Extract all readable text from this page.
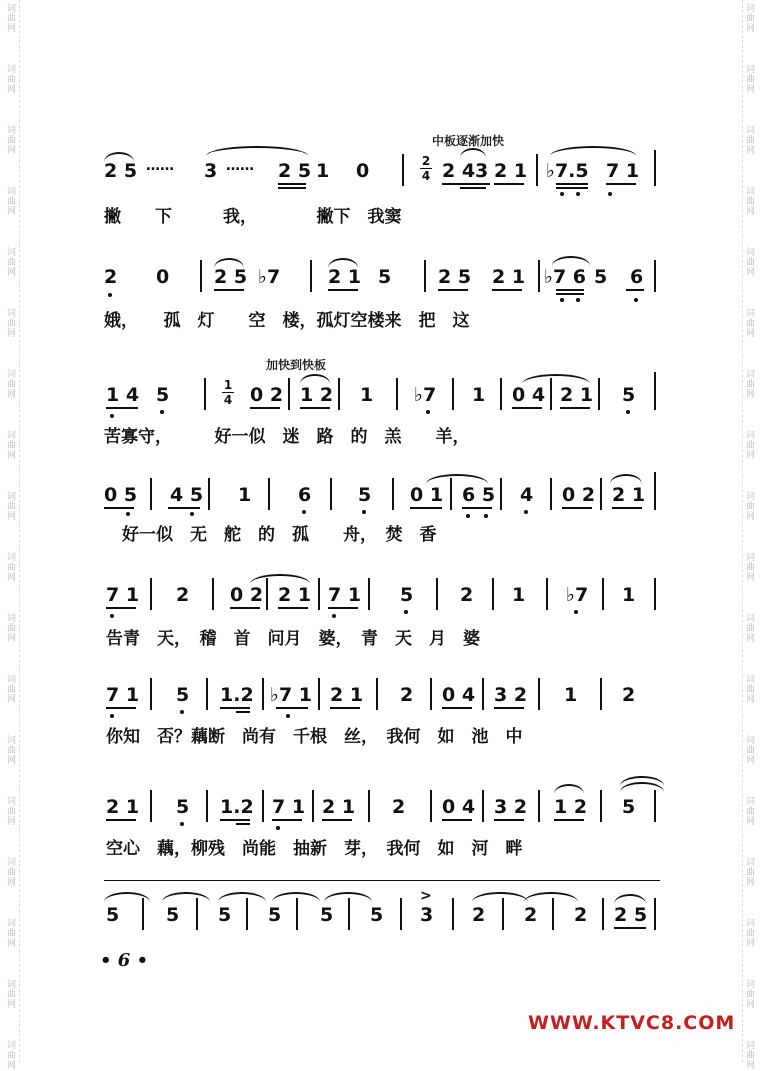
词曲网
词曲网
词曲网
词曲网
词曲网
词曲网
词曲网
词曲网
词曲网
词曲网
词曲网
词曲网
词曲网
词曲网
词曲网
词曲网
词曲网
词曲网
词曲网
词曲网
词曲网
词曲网
词曲网
词曲网
词曲网
词曲网
词曲网
词曲网
词曲网
词曲网
词曲网
词曲网
词曲网
词曲网
词曲网
词曲网
中板逐渐加快
加快到快板
2 5 …… 3 …… 2 5 1 0	2
4 2 43 2 1 ♭7.5 7 1
撇　　下　　　我，　　　　撇下　我窦
2 0 2 5 ♭7	2 1 5 2 5 2 1 ♭7 6 5 6
娥，　　孤　灯　　空　楼，孤灯空楼来　把　这
1 4 5	1
4 0 2 1 2 1 ♭7 1 0 4 2 1 5
苦寡守，　　　好一似　迷　路　的　羔　　羊，
0 5 4 5 1 6 5 0 1 6 5 4 0 2 2 1
好一似　无　舵　的　孤　　舟，　焚　香
7 1 2 0 2 2 1 7 1 5 2 1 ♭7 1
告青　天，　稽　首　问月　婆，　青　天　月　婆
7 1 5 1.2 ♭7 1 2 1 2 0 4 3 2 1 2
你知　否？藕断　尚有　千根　丝，　我何　如　池　中
2 1 5 1.2 7 1 2 1 2 0 4 3 2 1 2 5
空心　藕，柳残　尚能　抽新　芽，　我何　如　河　畔
5 5 5 5 5 5
>
3 2 2 2 2 5
• 6 •
WWW.KTVC8.COM
